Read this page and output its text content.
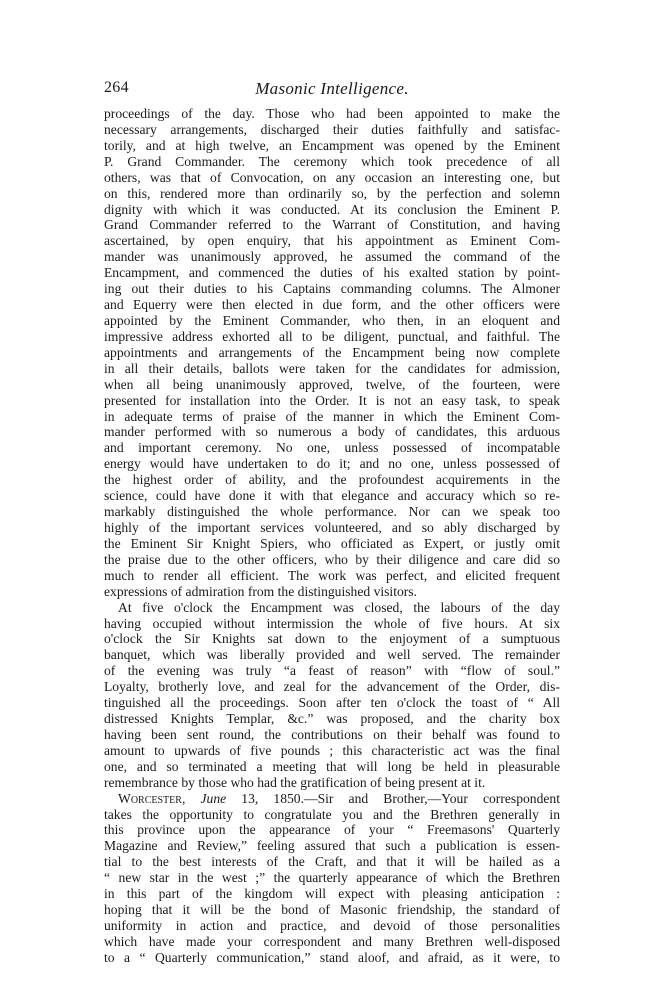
264	Masonic Intelligence.
proceedings of the day. Those who had been appointed to make the
necessary arrangements, discharged their duties faithfully and satisfac-
torily, and at high twelve, an Encampment was opened by the Eminent
P. Grand Commander. The ceremony which took precedence of all
others, was that of Convocation, on any occasion an interesting one, but
on this, rendered more than ordinarily so, by the perfection and solemn
dignity with which it was conducted. At its conclusion the Eminent P.
Grand Commander referred to the Warrant of Constitution, and having
ascertained, by open enquiry, that his appointment as Eminent Com-
mander was unanimously approved, he assumed the command of the
Encampment, and commenced the duties of his exalted station by point-
ing out their duties to his Captains commanding columns. The Almoner
and Equerry were then elected in due form, and the other officers were
appointed by the Eminent Commander, who then, in an eloquent and
impressive address exhorted all to be diligent, punctual, and faithful. The
appointments and arrangements of the Encampment being now complete
in all their details, ballots were taken for the candidates for admission,
when all being unanimously approved, twelve, of the fourteen, were
presented for installation into the Order. It is not an easy task, to speak
in adequate terms of praise of the manner in which the Eminent Com-
mander performed with so numerous a body of candidates, this arduous
and important ceremony. No one, unless possessed of incompatable
energy would have undertaken to do it; and no one, unless possessed of
the highest order of ability, and the profoundest acquirements in the
science, could have done it with that elegance and accuracy which so re-
markably distinguished the whole performance. Nor can we speak too
highly of the important services volunteered, and so ably discharged by
the Eminent Sir Knight Spiers, who officiated as Expert, or justly omit
the praise due to the other officers, who by their diligence and care did so
much to render all efficient. The work was perfect, and elicited frequent
expressions of admiration from the distinguished visitors.
At five o'clock the Encampment was closed, the labours of the day
having occupied without intermission the whole of five hours. At six
o'clock the Sir Knights sat down to the enjoyment of a sumptuous
banquet, which was liberally provided and well served. The remainder
of the evening was truly “a feast of reason” with “flow of soul.”
Loyalty, brotherly love, and zeal for the advancement of the Order, dis-
tinguished all the proceedings. Soon after ten o'clock the toast of “ All
distressed Knights Templar, &c.” was proposed, and the charity box
having been sent round, the contributions on their behalf was found to
amount to upwards of five pounds ; this characteristic act was the final
one, and so terminated a meeting that will long be held in pleasurable
remembrance by those who had the gratification of being present at it.
Worcester, June 13, 1850.—Sir and Brother,—Your correspondent
takes the opportunity to congratulate you and the Brethren generally in
this province upon the appearance of your “ Freemasons' Quarterly
Magazine and Review,” feeling assured that such a publication is essen-
tial to the best interests of the Craft, and that it will be hailed as a
“ new star in the west ;” the quarterly appearance of which the Brethren
in this part of the kingdom will expect with pleasing anticipation :
hoping that it will be the bond of Masonic friendship, the standard of
uniformity in action and practice, and devoid of those personalities
which have made your correspondent and many Brethren well-disposed
to a “ Quarterly communication,” stand aloof, and afraid, as it were, to
